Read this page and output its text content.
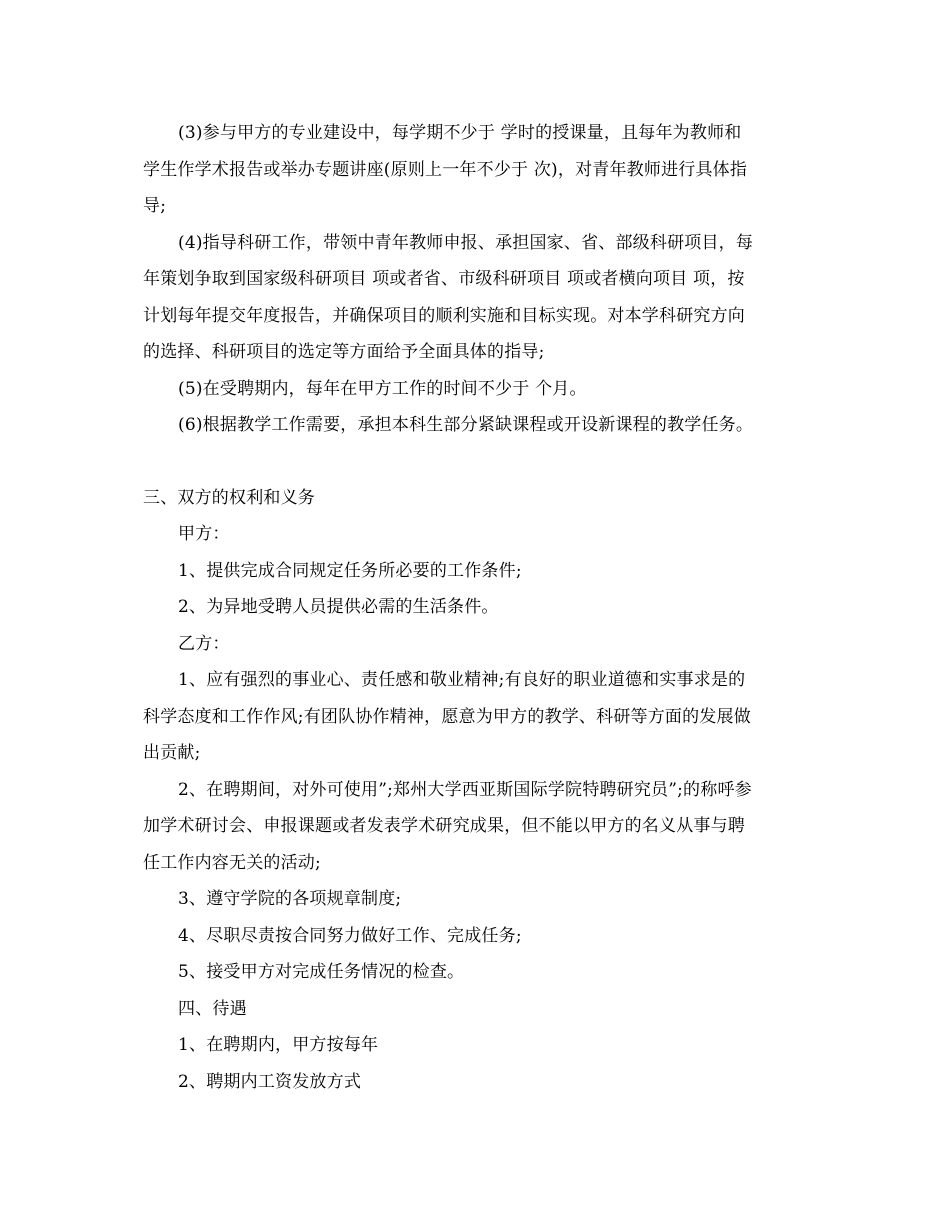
(3)参与甲方的专业建设中，每学期不少于 学时的授课量，且每年为教师和
学生作学术报告或举办专题讲座(原则上一年不少于 次)，对青年教师进行具体指
导;

(4)指导科研工作，带领中青年教师申报、承担国家、省、部级科研项目，每
年策划争取到国家级科研项目 项或者省、市级科研项目 项或者横向项目 项，按
计划每年提交年度报告，并确保项目的顺利实施和目标实现。对本学科研究方向
的选择、科研项目的选定等方面给予全面具体的指导;

(5)在受聘期内，每年在甲方工作的时间不少于 个月。

(6)根据教学工作需要，承担本科生部分紧缺课程或开设新课程的教学任务。

三、双方的权利和义务

甲方：

1、提供完成合同规定任务所必要的工作条件;

2、为异地受聘人员提供必需的生活条件。

乙方：

1、应有强烈的事业心、责任感和敬业精神;有良好的职业道德和实事求是的
科学态度和工作作风;有团队协作精神，愿意为甲方的教学、科研等方面的发展做
出贡献;

2、在聘期间，对外可使用”;郑州大学西亚斯国际学院特聘研究员”;的称呼参
加学术研讨会、申报课题或者发表学术研究成果，但不能以甲方的名义从事与聘
任工作内容无关的活动;

3、遵守学院的各项规章制度;

4、尽职尽责按合同努力做好工作、完成任务;

5、接受甲方对完成任务情况的检查。

四、待遇

1、在聘期内，甲方按每年

2、聘期内工资发放方式
